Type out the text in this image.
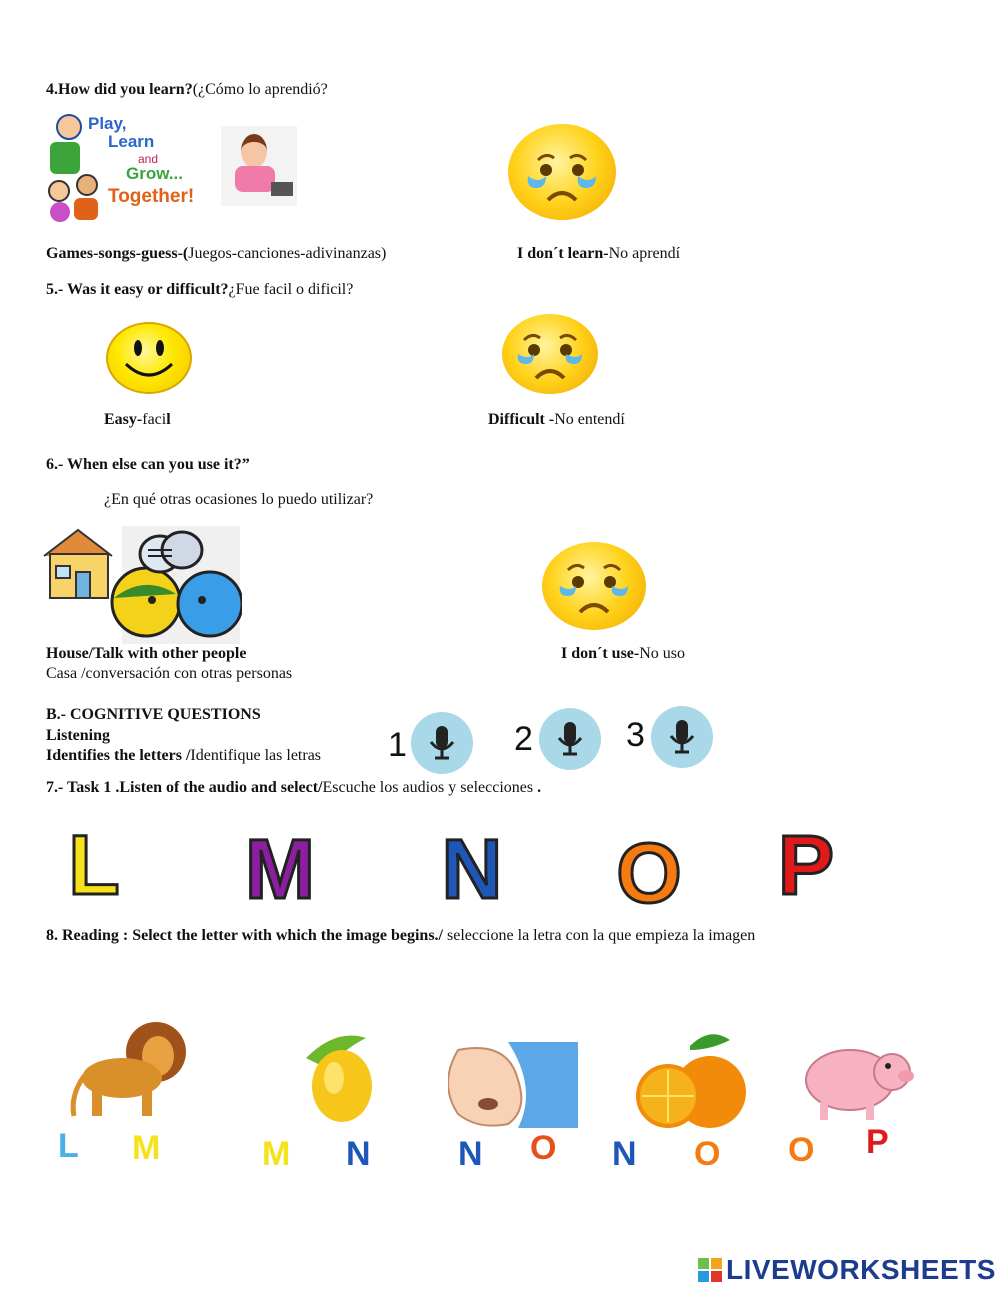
4.How did you learn?(¿Cómo lo aprendió?
Play,
Learn
and
Grow...
Together!
Games-songs-guess-(Juegos-canciones-adivinanzas)	I don´t learn-No aprendí
5.- Was it easy or difficult?¿Fue facil o dificil?
Easy-facil	Difficult -No entendí
6.- When else can you use it?”
¿En qué otras ocasiones lo puedo utilizar?
House/Talk with other people
Casa /conversación con otras personas
I don´t use-No uso
B.- COGNITIVE QUESTIONS
Listening
Identifies the letters /Identifique las letras 1	2	3
7.- Task 1 .Listen of the audio and select/Escuche los audios y selecciones .
L M N O P
8. Reading : Select the letter with which the image begins./ seleccione la letra con la que empieza la imagen
L M	M N	N O N O O P
LIVEWORKSHEETS
